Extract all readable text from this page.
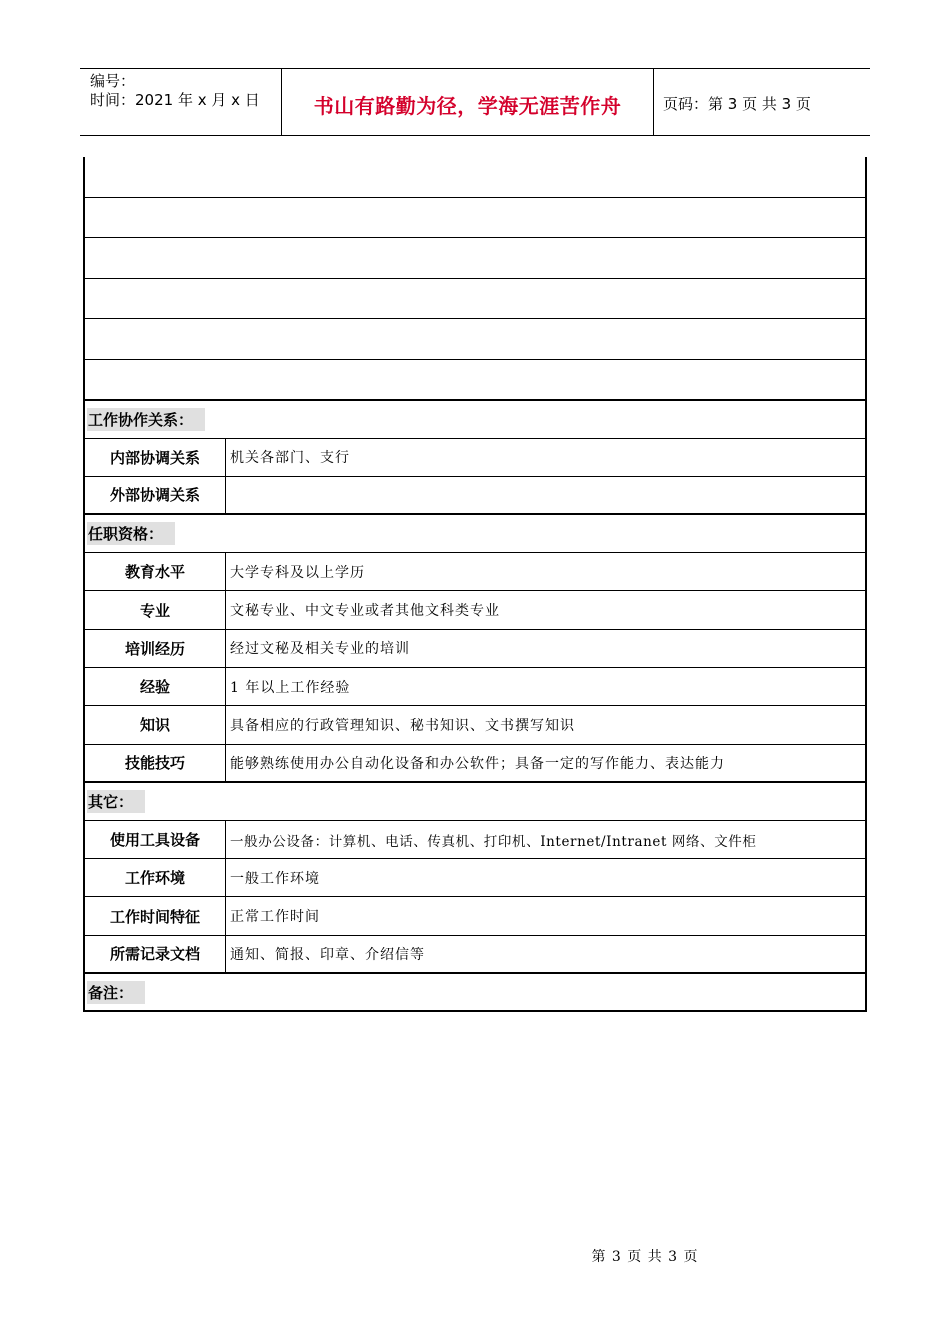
编号：
时间：2021 年 x 月 x 日	书山有路勤为径，学海无涯苦作舟	页码：第 3 页 共 3 页
工作协作关系：
内部协调关系	机关各部门、支行
外部协调关系
任职资格：
教育水平	大学专科及以上学历
专业	文秘专业、中文专业或者其他文科类专业
培训经历	经过文秘及相关专业的培训
经验	1 年以上工作经验
知识	具备相应的行政管理知识、秘书知识、文书撰写知识
技能技巧	能够熟练使用办公自动化设备和办公软件；具备一定的写作能力、表达能力
其它：
使用工具设备	一般办公设备：计算机、电话、传真机、打印机、Internet/Intranet 网络、文件柜
工作环境	一般工作环境
工作时间特征	正常工作时间
所需记录文档	通知、简报、印章、介绍信等
备注：
第 3 页 共 3 页
